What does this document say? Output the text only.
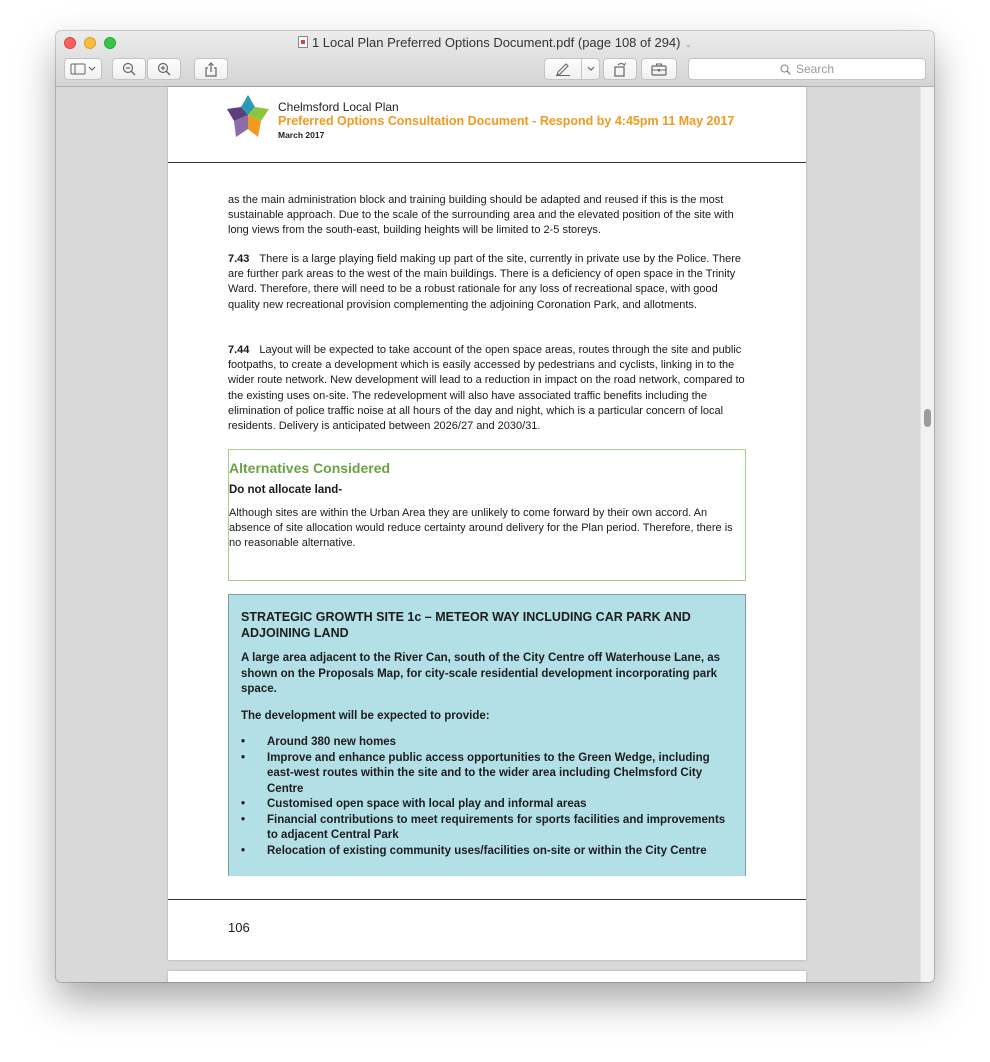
1 Local Plan Preferred Options Document.pdf (page 108 of 294) ⌄
Search
Chelmsford Local Plan
Preferred Options Consultation Document - Respond by 4:45pm 11 May 2017
March 2017
as the main administration block and training building should be adapted and reused if this is the most sustainable approach. Due to the scale of the surrounding area and the elevated position of the site with long views from the south-east, building heights will be limited to 2-5 storeys.
7.43 There is a large playing field making up part of the site, currently in private use by the Police. There are further park areas to the west of the main buildings. There is a deficiency of open space in the Trinity Ward. Therefore, there will need to be a robust rationale for any loss of recreational space, with good quality new recreational provision complementing the adjoining Coronation Park, and allotments.
7.44 Layout will be expected to take account of the open space areas, routes through the site and public footpaths, to create a development which is easily accessed by pedestrians and cyclists, linking in to the wider route network. New development will lead to a reduction in impact on the road network, compared to the existing uses on-site. The redevelopment will also have associated traffic benefits including the elimination of police traffic noise at all hours of the day and night, which is a particular concern of local residents. Delivery is anticipated between 2026/27 and 2030/31.
Alternatives Considered
Do not allocate land-
Although sites are within the Urban Area they are unlikely to come forward by their own accord. An absence of site allocation would reduce certainty around delivery for the Plan period. Therefore, there is no reasonable alternative.
STRATEGIC GROWTH SITE 1c – METEOR WAY INCLUDING CAR PARK AND ADJOINING LAND
A large area adjacent to the River Can, south of the City Centre off Waterhouse Lane, as shown on the Proposals Map, for city-scale residential development incorporating park space.
The development will be expected to provide:
• Around 380 new homes
• Improve and enhance public access opportunities to the Green Wedge, including east-west routes within the site and to the wider area including Chelmsford City Centre
• Customised open space with local play and informal areas
• Financial contributions to meet requirements for sports facilities and improvements to adjacent Central Park
• Relocation of existing community uses/facilities on-site or within the City Centre
106
